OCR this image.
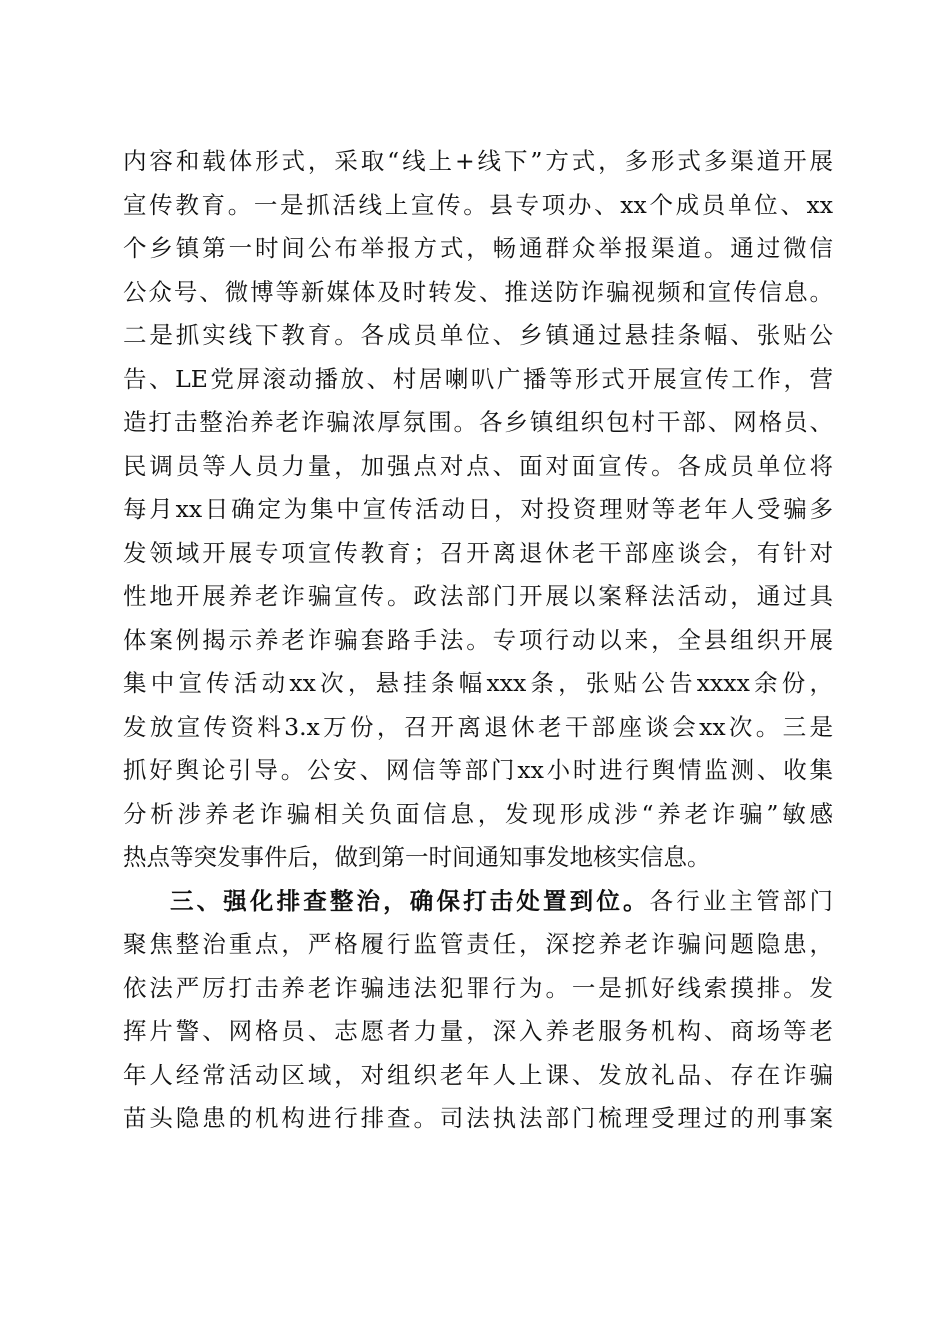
内容和载体形式，采取“线上+线下”方式，多形式多渠道开展
宣传教育。一是抓活线上宣传。县专项办、xx个成员单位、xx
个乡镇第一时间公布举报方式，畅通群众举报渠道。通过微信
公众号、微博等新媒体及时转发、推送防诈骗视频和宣传信息。
二是抓实线下教育。各成员单位、乡镇通过悬挂条幅、张贴公
告、LE党屏滚动播放、村居喇叭广播等形式开展宣传工作，营
造打击整治养老诈骗浓厚氛围。各乡镇组织包村干部、网格员、
民调员等人员力量，加强点对点、面对面宣传。各成员单位将
每月xx日确定为集中宣传活动日，对投资理财等老年人受骗多
发领域开展专项宣传教育；召开离退休老干部座谈会，有针对
性地开展养老诈骗宣传。政法部门开展以案释法活动，通过具
体案例揭示养老诈骗套路手法。专项行动以来，全县组织开展
集中宣传活动xx次，悬挂条幅xxx条，张贴公告xxxx余份，
发放宣传资料3.x万份，召开离退休老干部座谈会xx次。三是
抓好舆论引导。公安、网信等部门xx小时进行舆情监测、收集
分析涉养老诈骗相关负面信息，发现形成涉“养老诈骗”敏感
热点等突发事件后，做到第一时间通知事发地核实信息。
三、强化排查整治，确保打击处置到位。各行业主管部门
聚焦整治重点，严格履行监管责任，深挖养老诈骗问题隐患，
依法严厉打击养老诈骗违法犯罪行为。一是抓好线索摸排。发
挥片警、网格员、志愿者力量，深入养老服务机构、商场等老
年人经常活动区域，对组织老年人上课、发放礼品、存在诈骗
苗头隐患的机构进行排查。司法执法部门梳理受理过的刑事案
